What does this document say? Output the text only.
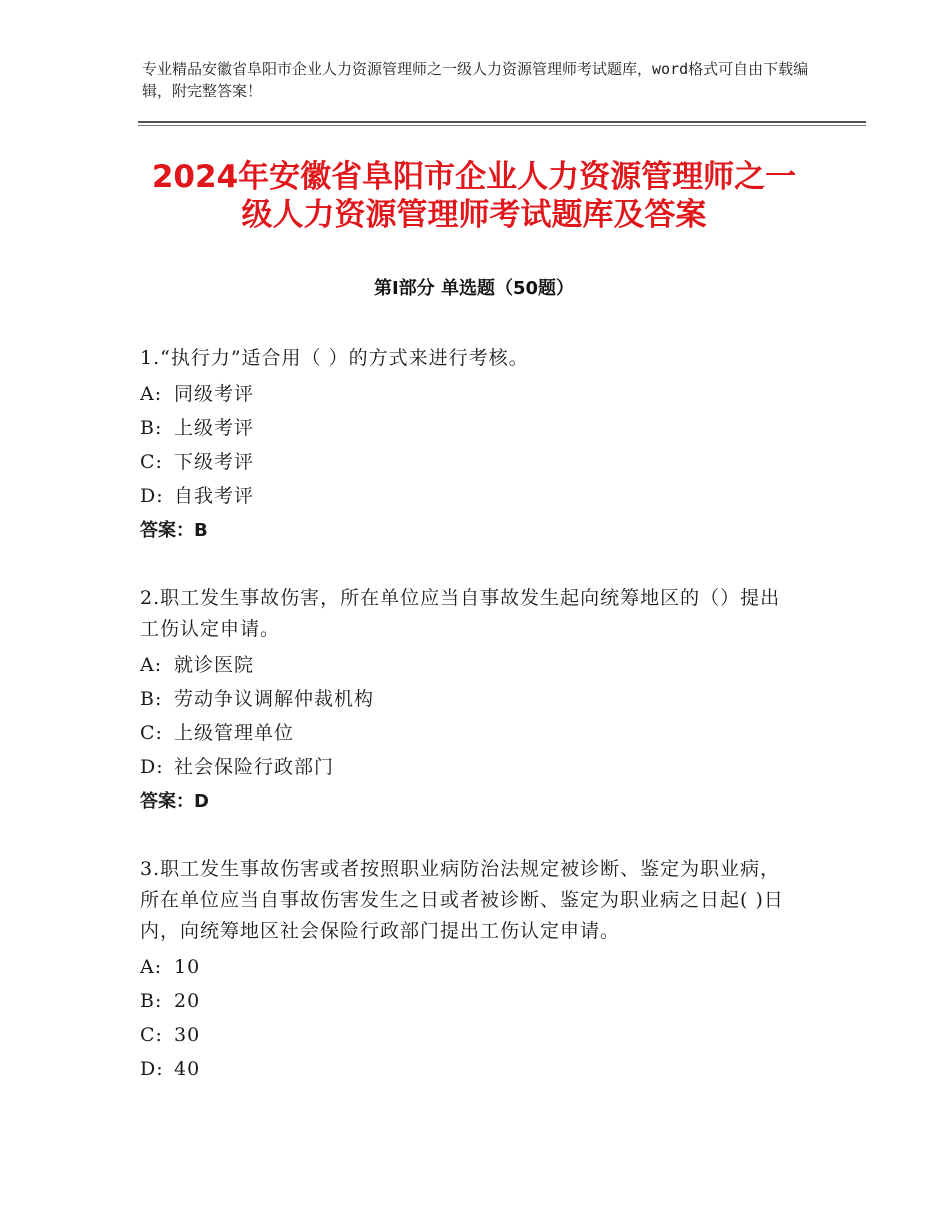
专业精品安徽省阜阳市企业人力资源管理师之一级人力资源管理师考试题库，word格式可自由下载编辑，附完整答案！
2024年安徽省阜阳市企业人力资源管理师之一级人力资源管理师考试题库及答案
第Ⅰ部分 单选题（50题）

1.“执行力”适合用（ ）的方式来进行考核。

A: 同级考评

B: 上级考评

C: 下级考评

D: 自我考评

答案：B

2.职工发生事故伤害，所在单位应当自事故发生起向统筹地区的（）提出工伤认定申请。

A: 就诊医院

B: 劳动争议调解仲裁机构

C: 上级管理单位

D: 社会保险行政部门

答案：D

3.职工发生事故伤害或者按照职业病防治法规定被诊断、鉴定为职业病，所在单位应当自事故伤害发生之日或者被诊断、鉴定为职业病之日起( )日内，向统筹地区社会保险行政部门提出工伤认定申请。

A: 10

B: 20

C: 30

D: 40
